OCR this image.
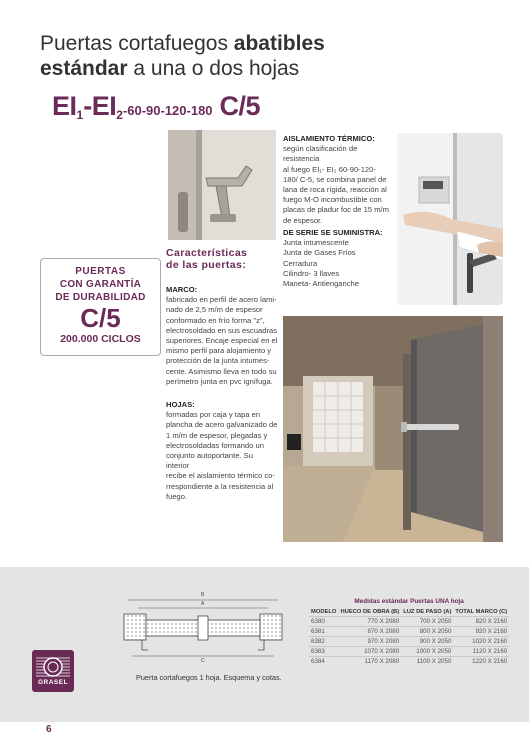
Puertas cortafuegos abatibles
estándar a una o dos hojas
$EI_1-EI_2-60-90-120-180$ C/5
PUERTAS
CON GARANTÍA
DE DURABILIDAD
C/5
200.000 CICLOS
Características
de las puertas:
MARCO:
fabricado en perfil de acero lami-
nado de 2,5 m/m de espesor
conformado en frío forma "z",
electrosoldado en sus escuadras
superiores. Encaje especial en el
mismo perfil para alojamiento y
protección de la junta intumes-
cente. Asimismo lleva en todo su
perímetro junta en pvc ignífuga.
HOJAS:
formadas por caja y tapa en
plancha de acero galvanizado de
1 m/m de espesor, plegadas y
electrosoldadas formando un
conjunto autoportante. Su interior
recibe el aislamiento térmico co-
rrespondiente a la resistencia al
fuego.
AISLAMIENTO TÉRMICO:
según clasificación de resistencia
al fuego EI₁- EI₂ 60-90-120-
180/ C-5, se combina panel de
lana de roca rígida, reacción al
fuego M-O incombustible con
placas de pladur foc de 15 m/m
de espesor.
DE SERIE SE SUMINISTRA:
Junta intumescente
Junta de Gases Fríos
Cerradura
Cilindro- 3 llaves
Maneta- Antienganche
GRASEL
B
A
C
Puerta cortafuegos 1 hoja. Esquema y cotas.
Medidas estándar Puertas UNA hoja			
MODELO	HUECO DE OBRA (B)	LUZ DE PASO (A)	TOTAL MARCO (C)
6380	770 X 2080	700 X 2050	820 X 2160
6381	870 X 2080	800 X 2050	920 X 2160
6382	970 X 2080	900 X 2050	1020 X 2160
6383	1070 X 2080	1000 X 2050	1120 X 2160
6384	1170 X 2080	1100 X 2050	1220 X 2160
6
